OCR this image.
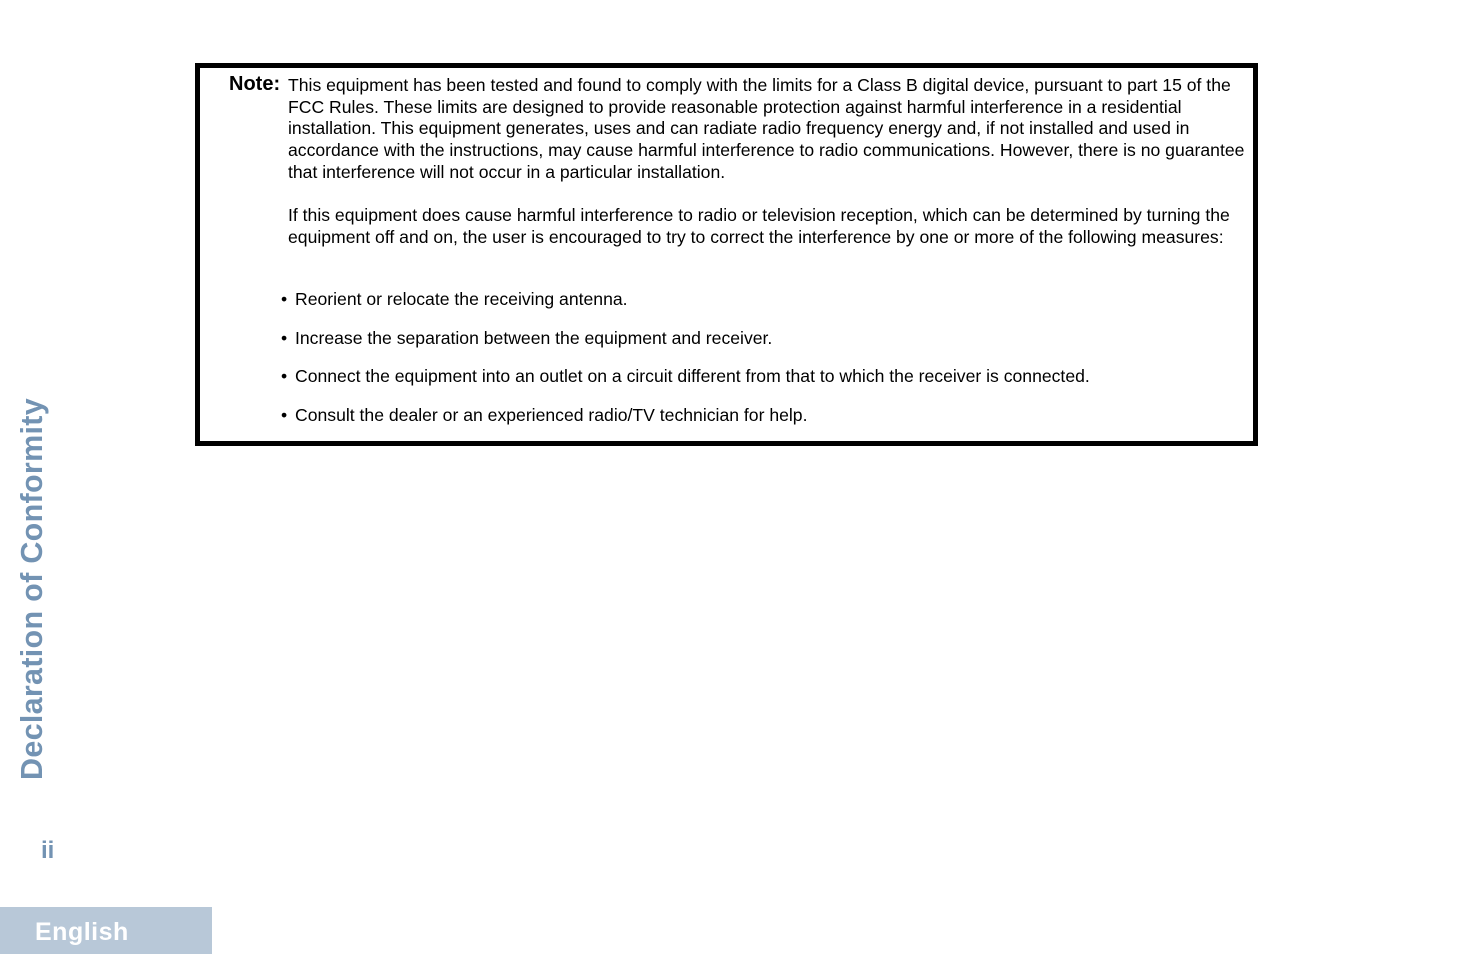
Note: This equipment has been tested and found to comply with the limits for a Class B digital device, pursuant to part 15 of the FCC Rules. These limits are designed to provide reasonable protection against harmful interference in a residential installation. This equipment generates, uses and can radiate radio frequency energy and, if not installed and used in accordance with the instructions, may cause harmful interference to radio communications. However, there is no guarantee that interference will not occur in a particular installation.

If this equipment does cause harmful interference to radio or television reception, which can be determined by turning the equipment off and on, the user is encouraged to try to correct the interference by one or more of the following measures:

• Reorient or relocate the receiving antenna.
• Increase the separation between the equipment and receiver.
• Connect the equipment into an outlet on a circuit different from that to which the receiver is connected.
• Consult the dealer or an experienced radio/TV technician for help.
Declaration of Conformity
ii
English
